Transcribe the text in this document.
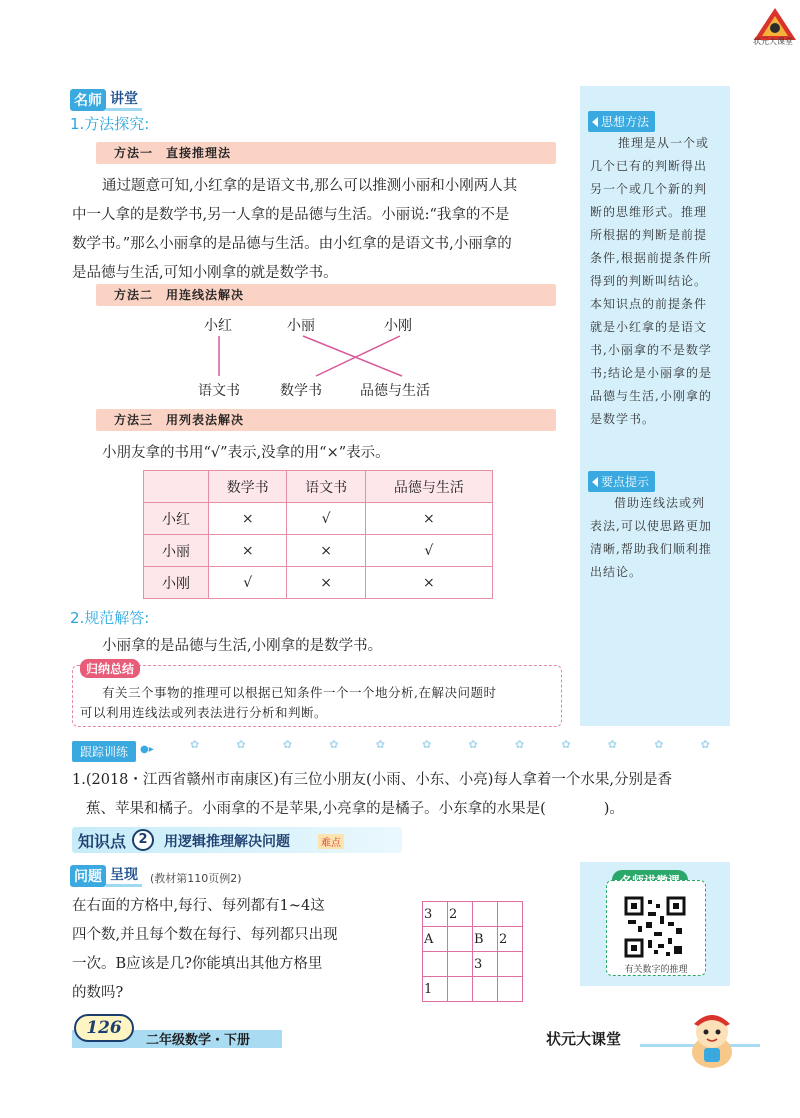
状元大课堂
名师 讲堂
1.方法探究:
方法一　直接推理法
通过题意可知,小红拿的是语文书,那么可以推测小丽和小刚两人其
中一人拿的是数学书,另一人拿的是品德与生活。小丽说:“我拿的不是
数学书。”那么小丽拿的是品德与生活。由小红拿的是语文书,小丽拿的
是品德与生活,可知小刚拿的就是数学书。
方法二　用连线法解决
小红	小丽	小刚
语文书	数学书	品德与生活
方法三　用列表法解决
小朋友拿的书用“√”表示,没拿的用“×”表示。
	数学书	语文书	品德与生活
小红	×	√	×
小丽	×	×	√
小刚	√	×	×
2.规范解答:
小丽拿的是品德与生活,小刚拿的是数学书。
归纳总结
有关三个事物的推理可以根据已知条件一个一个地分析,在解决问题时
可以利用连线法或列表法进行分析和判断。
思想方法
推理是从一个或
几个已有的判断得出
另一个或几个新的判
断的思维形式。推理
所根据的判断是前提
条件,根据前提条件所
得到的判断叫结论。
本知识点的前提条件
就是小红拿的是语文
书,小丽拿的不是数学
书;结论是小丽拿的是
品德与生活,小刚拿的
是数学书。
要点提示
借助连线法或列
表法,可以使思路更加
清晰,帮助我们顺利推
出结论。
跟踪训练	●▸	✿	✿	✿	✿	✿	✿	✿	✿	✿	✿	✿	✿
1.(2018・江西省赣州市南康区)有三位小朋友(小雨、小东、小亮)每人拿着一个水果,分别是香
蕉、苹果和橘子。小雨拿的不是苹果,小亮拿的是橘子。小东拿的水果是(　　　　)。
知识点 2	用逻辑推理解决问题	难点
问题 呈现	(教材第110页例2)
在右面的方格中,每行、每列都有1~4这
四个数,并且每个数在每行、每列都只出现
一次。B应该是几?你能填出其他方格里
的数吗?
3	2		
A		B	2
		3	
1			
有关数字的推理
126
二年级数学・下册	状元大课堂
